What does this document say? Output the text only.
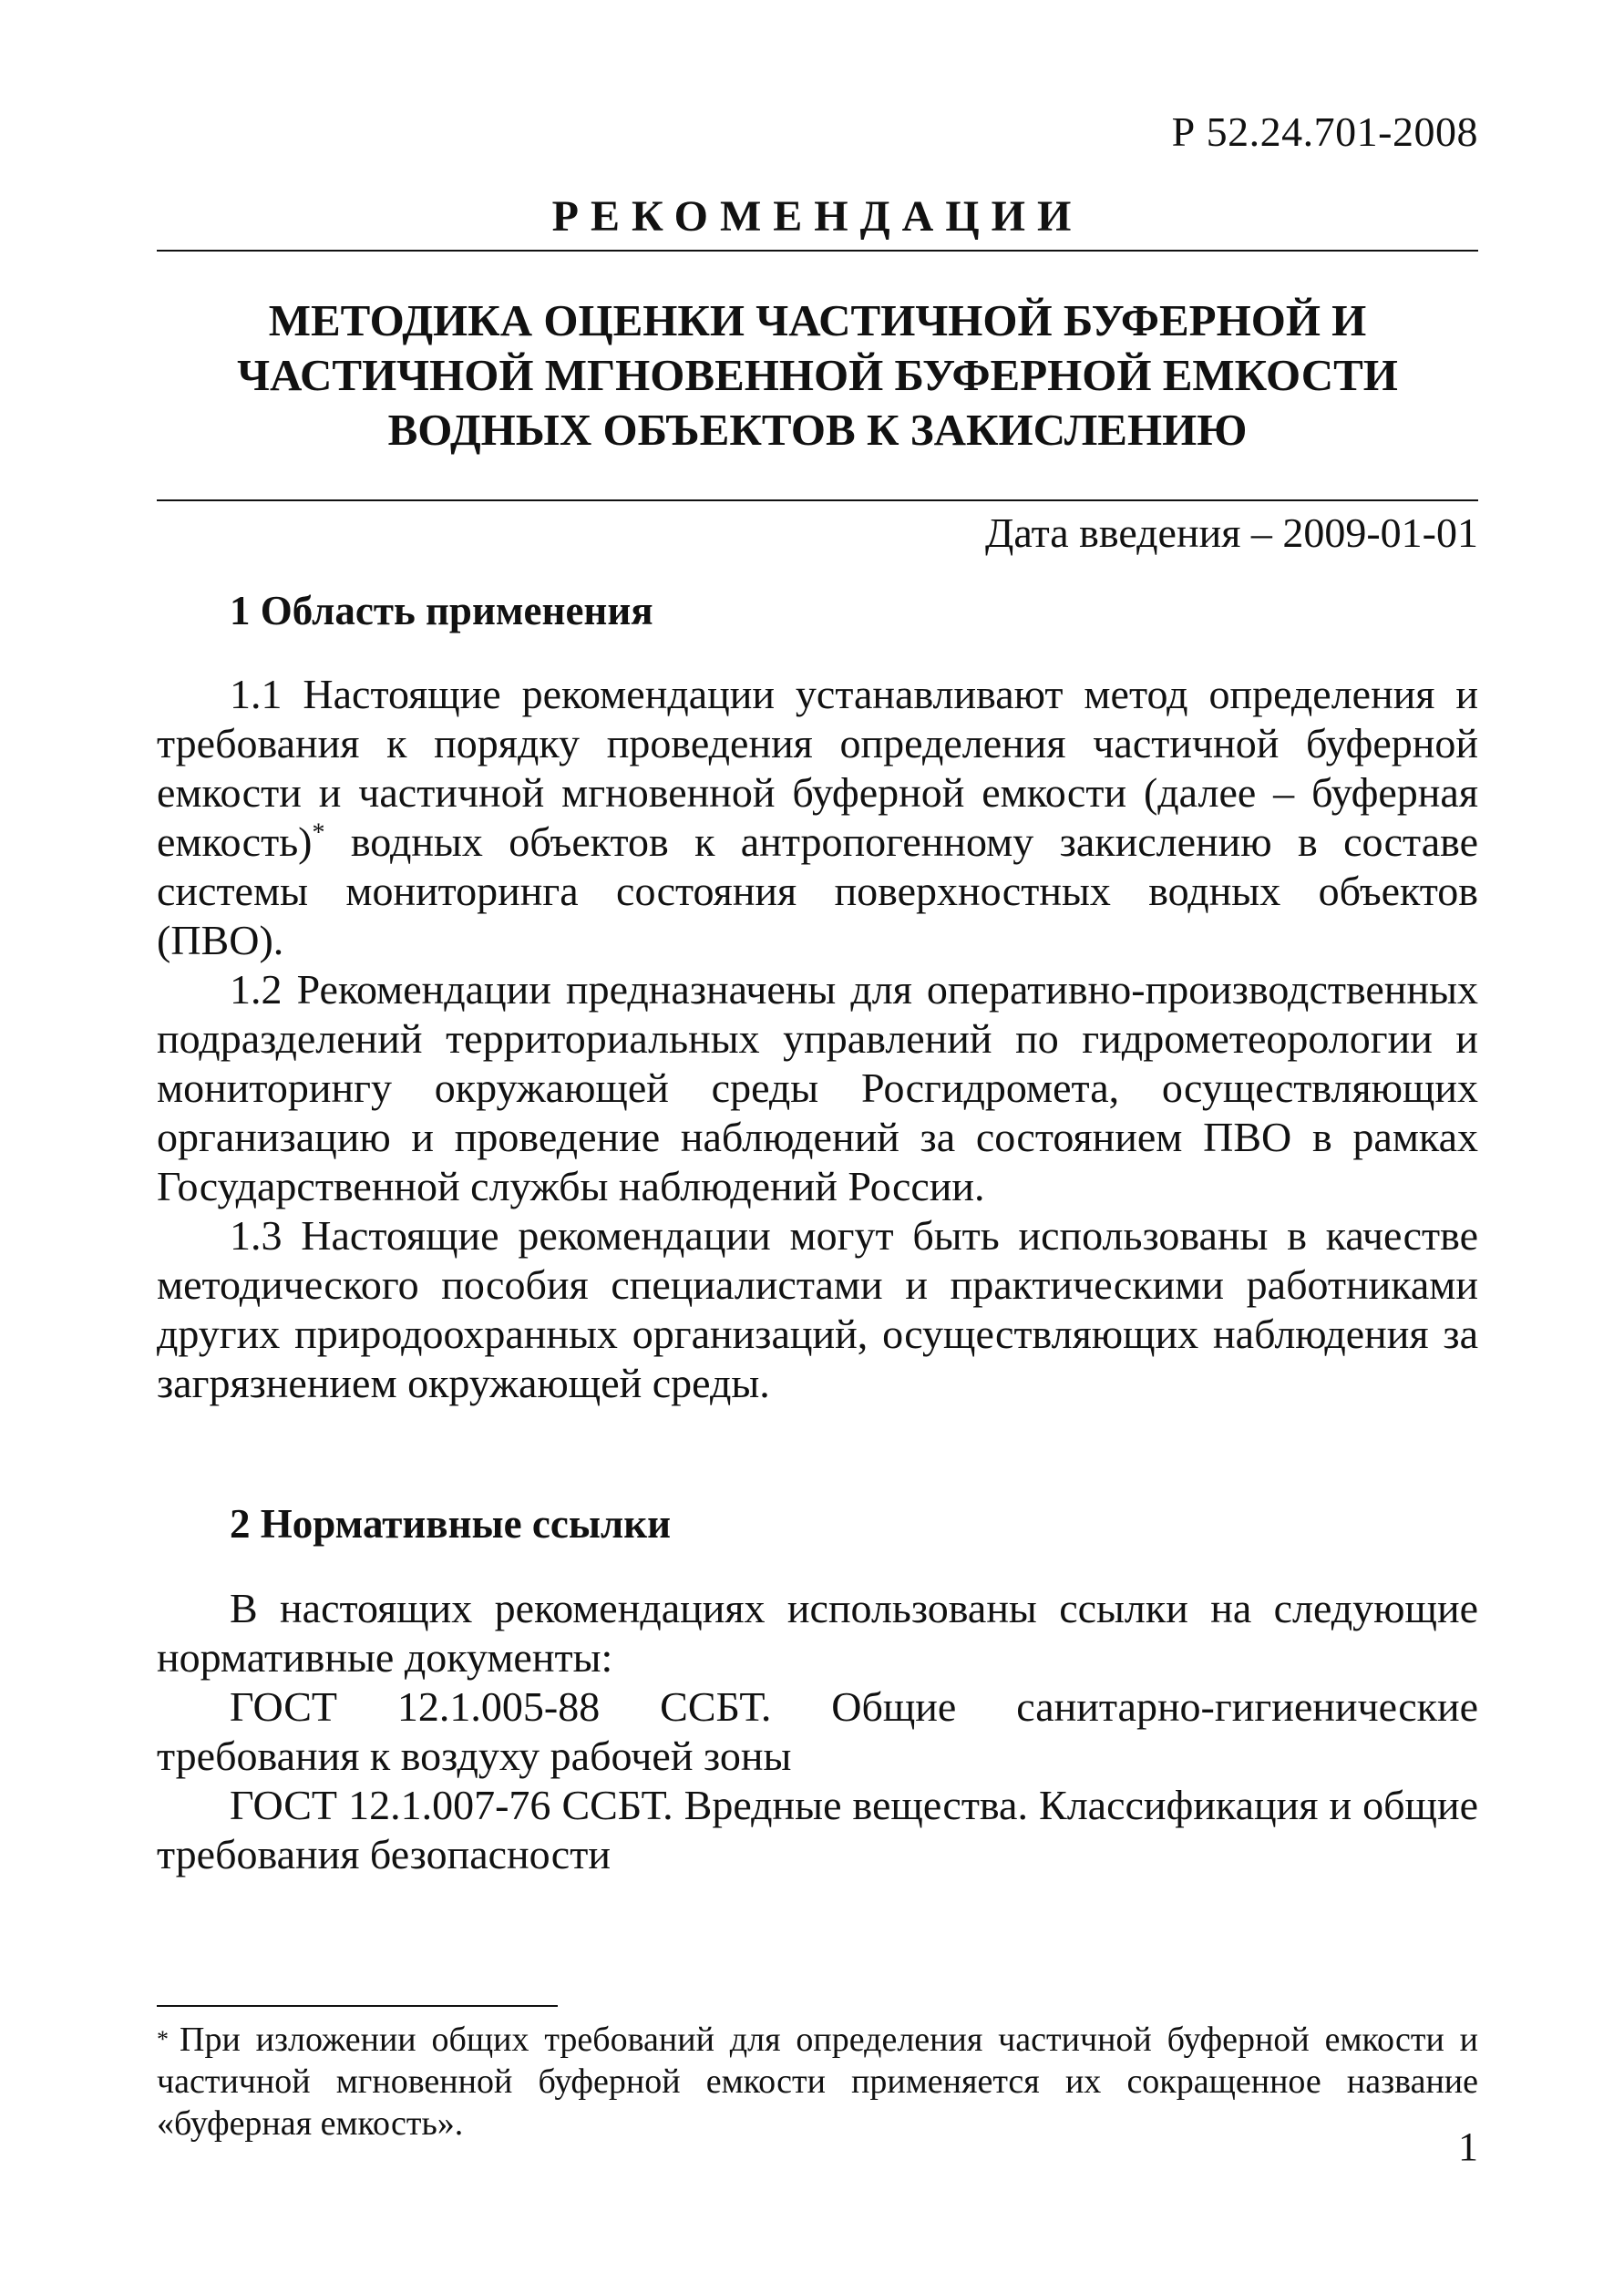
Р 52.24.701-2008
РЕКОМЕНДАЦИИ
МЕТОДИКА ОЦЕНКИ ЧАСТИЧНОЙ БУФЕРНОЙ И
ЧАСТИЧНОЙ МГНОВЕННОЙ БУФЕРНОЙ ЕМКОСТИ
ВОДНЫХ ОБЪЕКТОВ К ЗАКИСЛЕНИЮ
Дата введения – 2009-01-01
1 Область применения

1.1 Настоящие рекомендации устанавливают метод определения и требования к порядку проведения определения частичной буферной емкости и частичной мгновенной буферной емкости (далее – буферная емкость)* водных объектов к антропогенному закислению в составе системы мониторинга состояния поверхностных водных объектов (ПВО).

1.2 Рекомендации предназначены для оперативно-производственных подразделений территориальных управлений по гидрометеорологии и мониторингу окружающей среды Росгидромета, осуществляющих организацию и проведение наблюдений за состоянием ПВО в рамках Государственной службы наблюдений России.

1.3 Настоящие рекомендации могут быть использованы в качестве методического пособия специалистами и практическими работниками других природоохранных организаций, осуществляющих наблюдения за загрязнением окружающей среды.

2 Нормативные ссылки

В настоящих рекомендациях использованы ссылки на следующие нормативные документы:

ГОСТ 12.1.005-88 ССБТ. Общие санитарно-гигиенические требования к воздуху рабочей зоны

ГОСТ 12.1.007-76 ССБТ. Вредные вещества. Классификация и общие требования безопасности

* При изложении общих требований для определения частичной буферной емкости и частичной мгновенной буферной емкости применяется их сокращенное название «буферная емкость».
1
